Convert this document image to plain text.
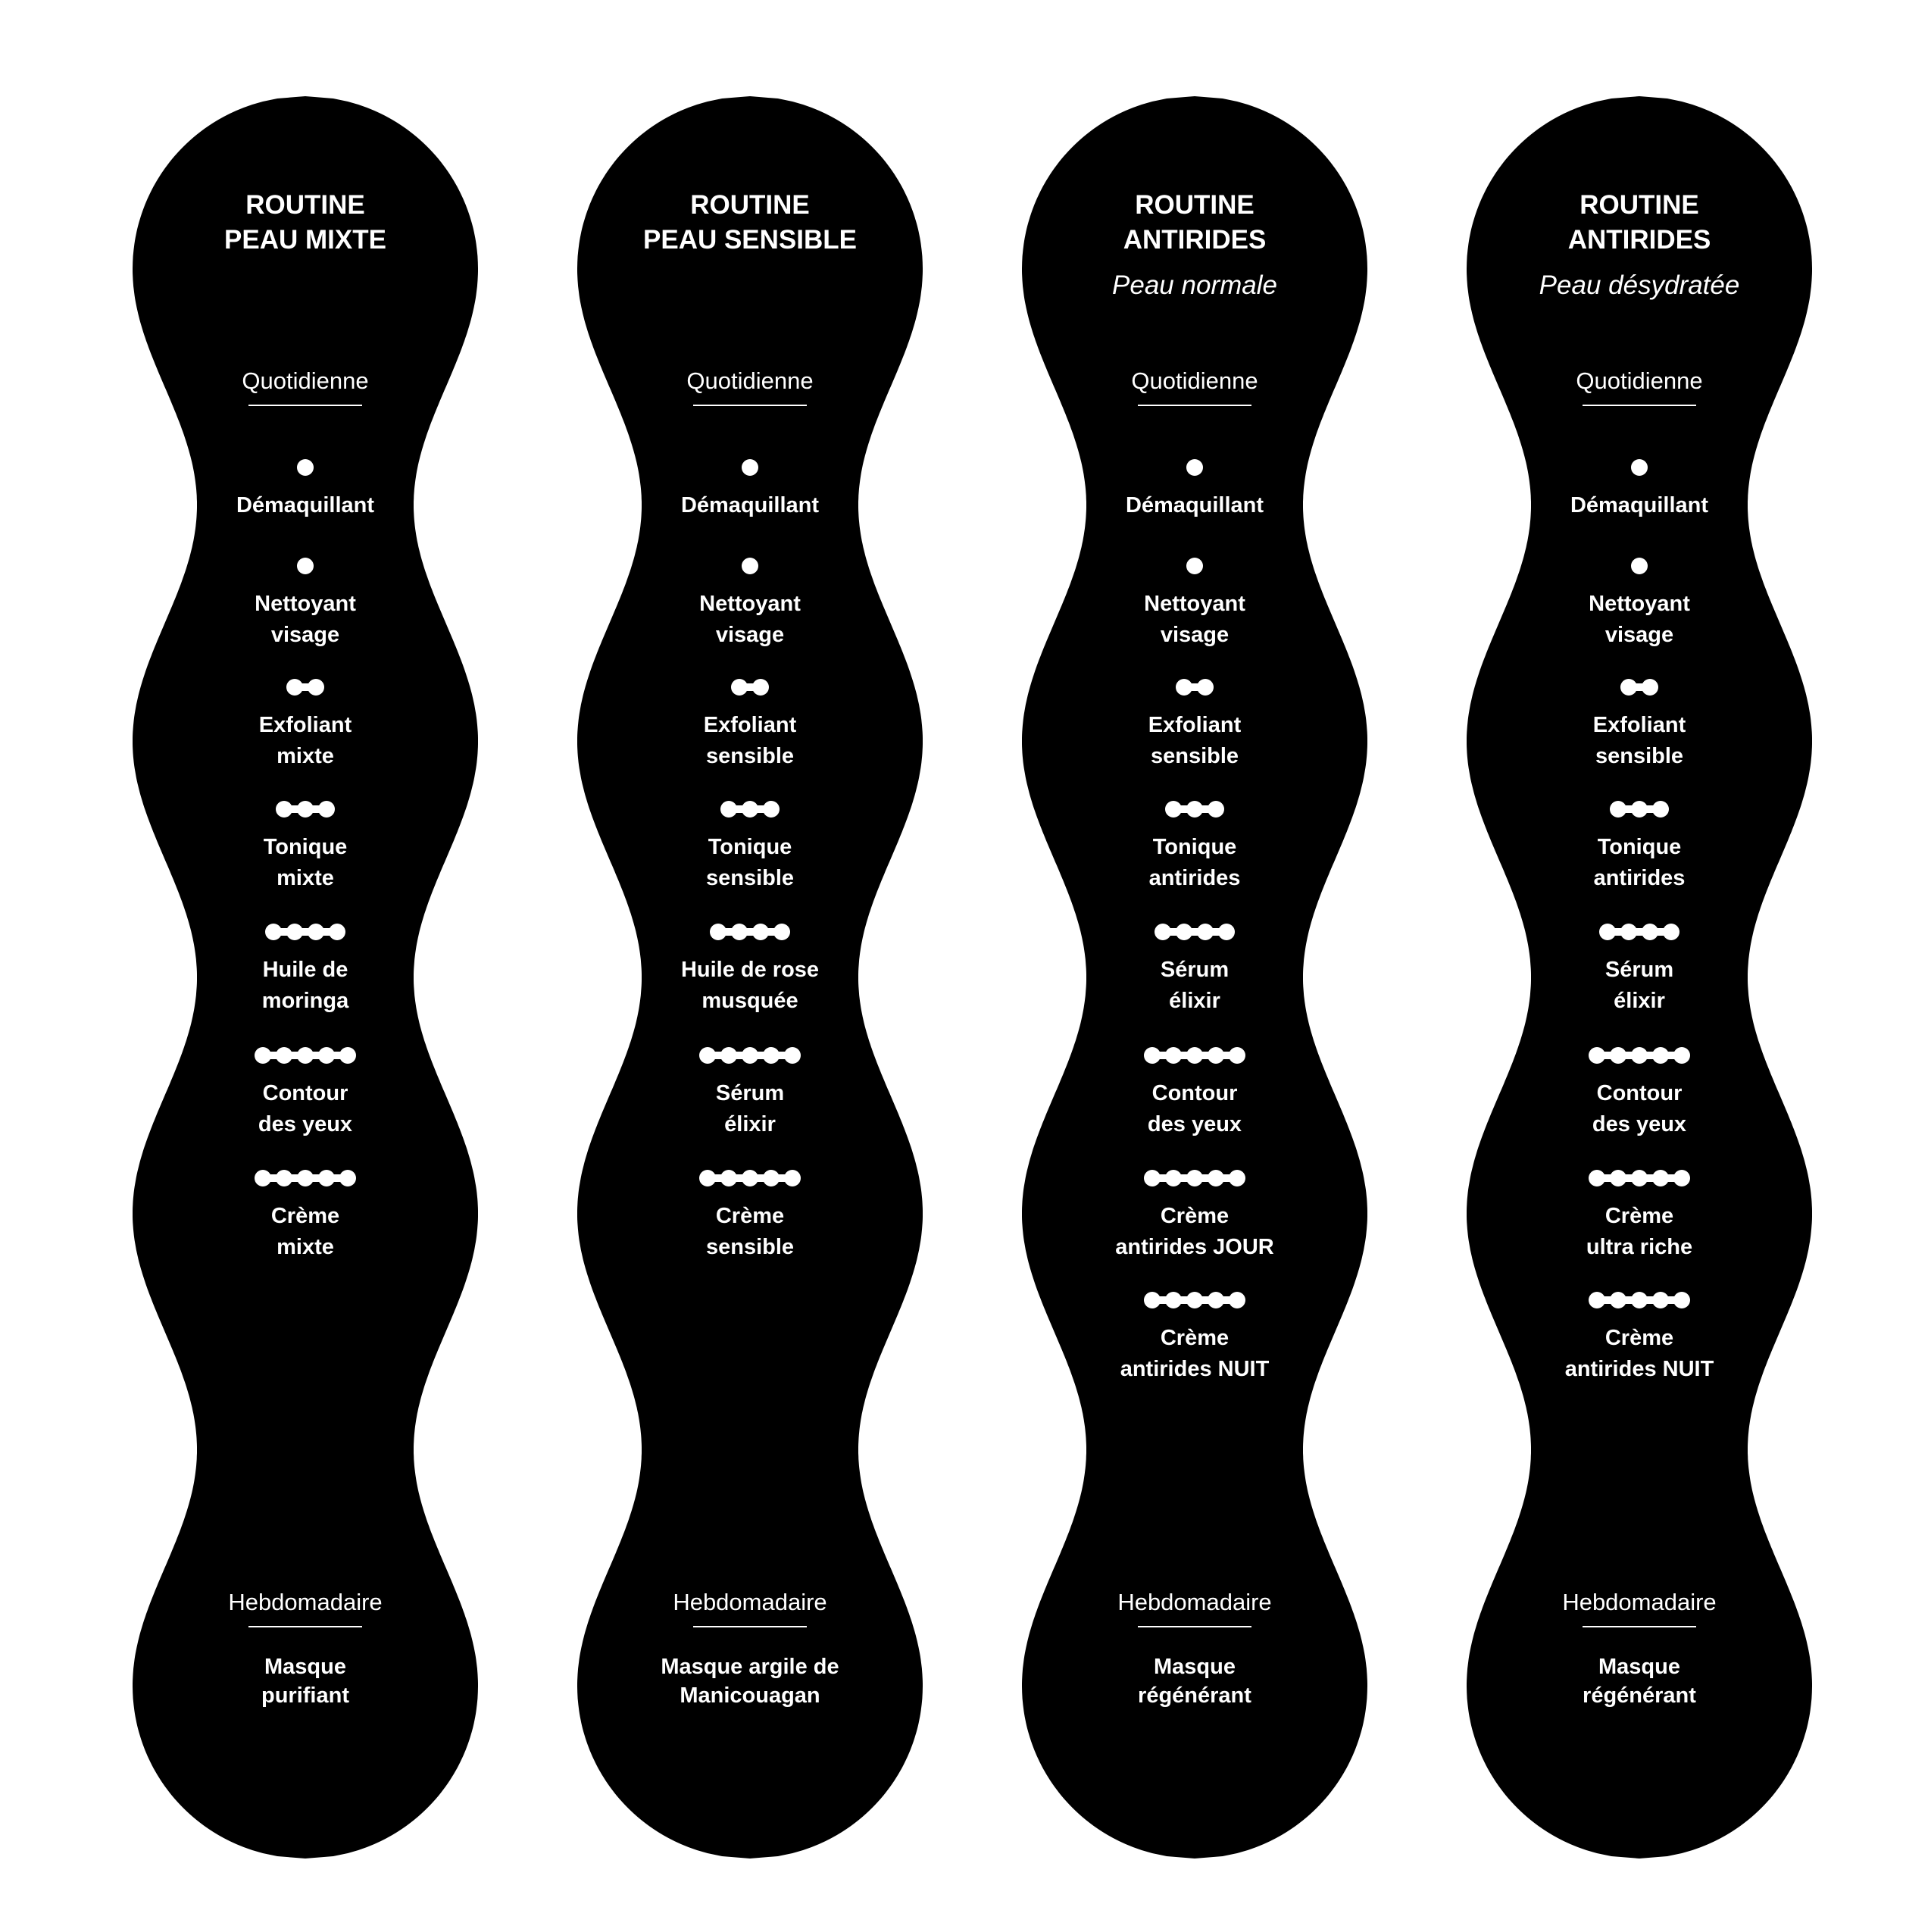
ROUTINE
PEAU MIXTE
Quotidienne
Démaquillant
Nettoyant
visage
Exfoliant
mixte
Tonique
mixte
Huile de
moringa
Contour
des yeux
Crème
mixte
Hebdomadaire
Masque
purifiant
ROUTINE
PEAU SENSIBLE
Quotidienne
Démaquillant
Nettoyant
visage
Exfoliant
sensible
Tonique
sensible
Huile de rose
musquée
Sérum
élixir
Crème
sensible
Hebdomadaire
Masque argile de
Manicouagan
ROUTINE
ANTIRIDES
Peau normale
Quotidienne
Démaquillant
Nettoyant
visage
Exfoliant
sensible
Tonique
antirides
Sérum
élixir
Contour
des yeux
Crème
antirides JOUR
Crème
antirides NUIT
Hebdomadaire
Masque
régénérant
ROUTINE
ANTIRIDES
Peau désydratée
Quotidienne
Démaquillant
Nettoyant
visage
Exfoliant
sensible
Tonique
antirides
Sérum
élixir
Contour
des yeux
Crème
ultra riche
Crème
antirides NUIT
Hebdomadaire
Masque
régénérant
